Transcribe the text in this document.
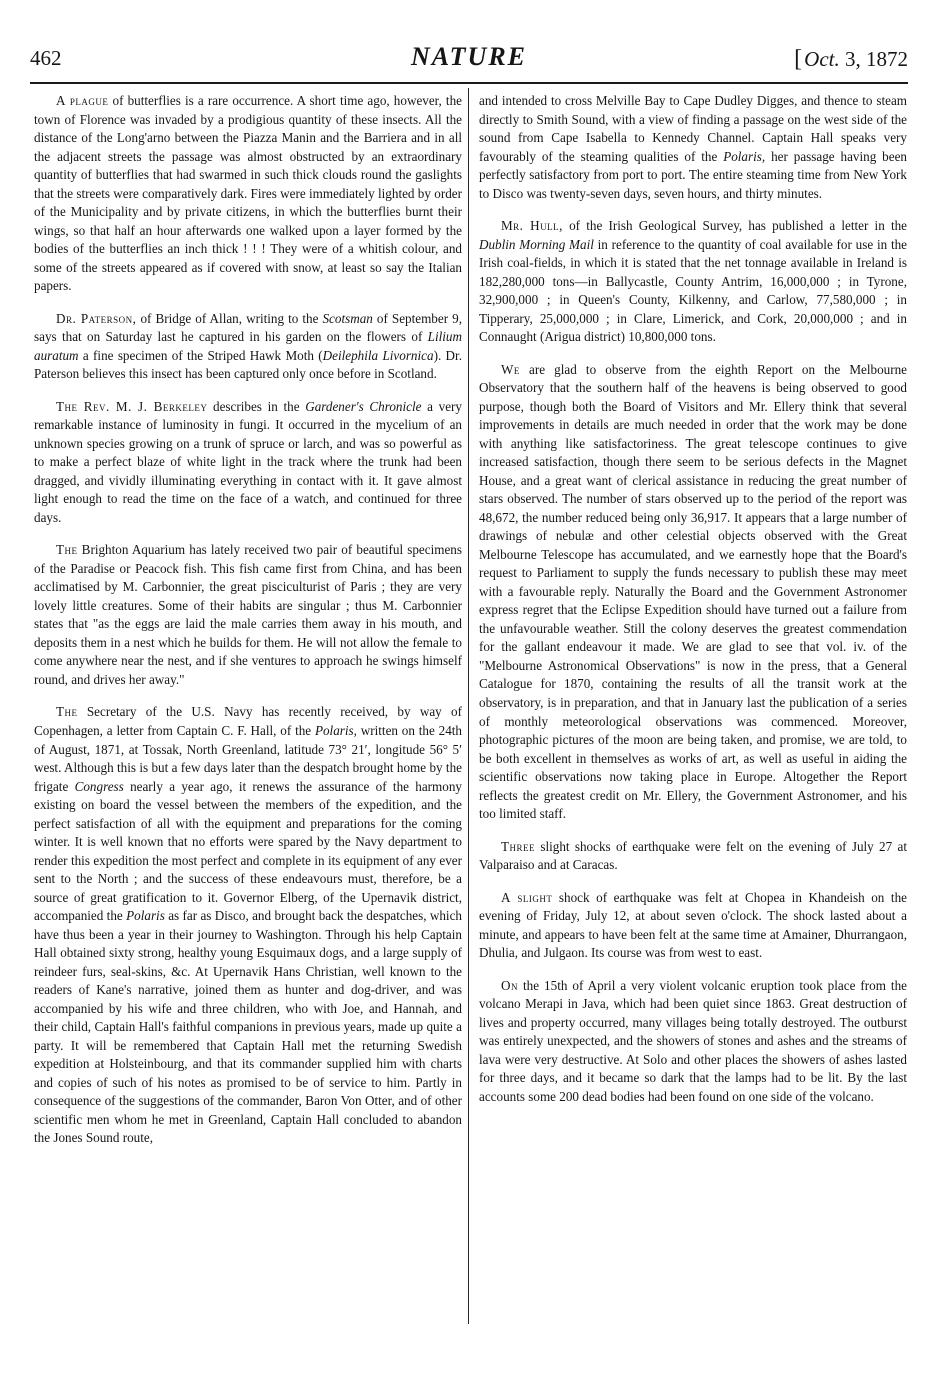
462	NATURE	[Oct. 3, 1872

A plague of butterflies is a rare occurrence. A short time ago, however, the town of Florence was invaded by a prodigious quantity of these insects. All the distance of the Long'arno between the Piazza Manin and the Barriera and in all the adjacent streets the passage was almost obstructed by an extraordinary quantity of butterflies that had swarmed in such thick clouds round the gaslights that the streets were comparatively dark. Fires were immediately lighted by order of the Municipality and by private citizens, in which the butterflies burnt their wings, so that half an hour afterwards one walked upon a layer formed by the bodies of the butterflies an inch thick ! ! ! They were of a whitish colour, and some of the streets appeared as if covered with snow, at least so say the Italian papers.

Dr. Paterson, of Bridge of Allan, writing to the Scotsman of September 9, says that on Saturday last he captured in his garden on the flowers of Lilium auratum a fine specimen of the Striped Hawk Moth (Deilephila Livornica). Dr. Paterson believes this insect has been captured only once before in Scotland.

The Rev. M. J. Berkeley describes in the Gardener's Chronicle a very remarkable instance of luminosity in fungi. It occurred in the mycelium of an unknown species growing on a trunk of spruce or larch, and was so powerful as to make a perfect blaze of white light in the track where the trunk had been dragged, and vividly illuminating everything in contact with it. It gave almost light enough to read the time on the face of a watch, and continued for three days.

The Brighton Aquarium has lately received two pair of beautiful specimens of the Paradise or Peacock fish. This fish came first from China, and has been acclimatised by M. Carbonnier, the great pisciculturist of Paris ; they are very lovely little creatures. Some of their habits are singular ; thus M. Carbonnier states that "as the eggs are laid the male carries them away in his mouth, and deposits them in a nest which he builds for them. He will not allow the female to come anywhere near the nest, and if she ventures to approach he swings himself round, and drives her away."

The Secretary of the U.S. Navy has recently received, by way of Copenhagen, a letter from Captain C. F. Hall, of the Polaris, written on the 24th of August, 1871, at Tossak, North Greenland, latitude 73° 21′, longitude 56° 5′ west. Although this is but a few days later than the despatch brought home by the frigate Congress nearly a year ago, it renews the assurance of the harmony existing on board the vessel between the members of the expedition, and the perfect satisfaction of all with the equipment and preparations for the coming winter. It is well known that no efforts were spared by the Navy department to render this expedition the most perfect and complete in its equipment of any ever sent to the North ; and the success of these endeavours must, therefore, be a source of great gratification to it. Governor Elberg, of the Upernavik district, accompanied the Polaris as far as Disco, and brought back the despatches, which have thus been a year in their journey to Washington. Through his help Captain Hall obtained sixty strong, healthy young Esquimaux dogs, and a large supply of reindeer furs, seal-skins, &c. At Upernavik Hans Christian, well known to the readers of Kane's narrative, joined them as hunter and dog-driver, and was accompanied by his wife and three children, who with Joe, and Hannah, and their child, Captain Hall's faithful companions in previous years, made up quite a party. It will be remembered that Captain Hall met the returning Swedish expedition at Holsteinbourg, and that its commander supplied him with charts and copies of such of his notes as promised to be of service to him. Partly in consequence of the suggestions of the commander, Baron Von Otter, and of other scientific men whom he met in Greenland, Captain Hall concluded to abandon the Jones Sound route,

and intended to cross Melville Bay to Cape Dudley Digges, and thence to steam directly to Smith Sound, with a view of finding a passage on the west side of the sound from Cape Isabella to Kennedy Channel. Captain Hall speaks very favourably of the steaming qualities of the Polaris, her passage having been perfectly satisfactory from port to port. The entire steaming time from New York to Disco was twenty-seven days, seven hours, and thirty minutes.

Mr. Hull, of the Irish Geological Survey, has published a letter in the Dublin Morning Mail in reference to the quantity of coal available for use in the Irish coal-fields, in which it is stated that the net tonnage available in Ireland is 182,280,000 tons—in Ballycastle, County Antrim, 16,000,000 ; in Tyrone, 32,900,000 ; in Queen's County, Kilkenny, and Carlow, 77,580,000 ; in Tipperary, 25,000,000 ; in Clare, Limerick, and Cork, 20,000,000 ; and in Connaught (Arigua district) 10,800,000 tons.

We are glad to observe from the eighth Report on the Melbourne Observatory that the southern half of the heavens is being observed to good purpose, though both the Board of Visitors and Mr. Ellery think that several improvements in details are much needed in order that the work may be done with anything like satisfactoriness. The great telescope continues to give increased satisfaction, though there seem to be serious defects in the Magnet House, and a great want of clerical assistance in reducing the great number of stars observed. The number of stars observed up to the period of the report was 48,672, the number reduced being only 36,917. It appears that a large number of drawings of nebulæ and other celestial objects observed with the Great Melbourne Telescope has accumulated, and we earnestly hope that the Board's request to Parliament to supply the funds necessary to publish these may meet with a favourable reply. Naturally the Board and the Government Astronomer express regret that the Eclipse Expedition should have turned out a failure from the unfavourable weather. Still the colony deserves the greatest commendation for the gallant endeavour it made. We are glad to see that vol. iv. of the "Melbourne Astronomical Observations" is now in the press, that a General Catalogue for 1870, containing the results of all the transit work at the observatory, is in preparation, and that in January last the publication of a series of monthly meteorological observations was commenced. Moreover, photographic pictures of the moon are being taken, and promise, we are told, to be both excellent in themselves as works of art, as well as useful in aiding the scientific observations now taking place in Europe. Altogether the Report reflects the greatest credit on Mr. Ellery, the Government Astronomer, and his too limited staff.

Three slight shocks of earthquake were felt on the evening of July 27 at Valparaiso and at Caracas.

A slight shock of earthquake was felt at Chopea in Khandeish on the evening of Friday, July 12, at about seven o'clock. The shock lasted about a minute, and appears to have been felt at the same time at Amainer, Dhurrangaon, Dhulia, and Julgaon. Its course was from west to east.

On the 15th of April a very violent volcanic eruption took place from the volcano Merapi in Java, which had been quiet since 1863. Great destruction of lives and property occurred, many villages being totally destroyed. The outburst was entirely unexpected, and the showers of stones and ashes and the streams of lava were very destructive. At Solo and other places the showers of ashes lasted for three days, and it became so dark that the lamps had to be lit. By the last accounts some 200 dead bodies had been found on one side of the volcano.
